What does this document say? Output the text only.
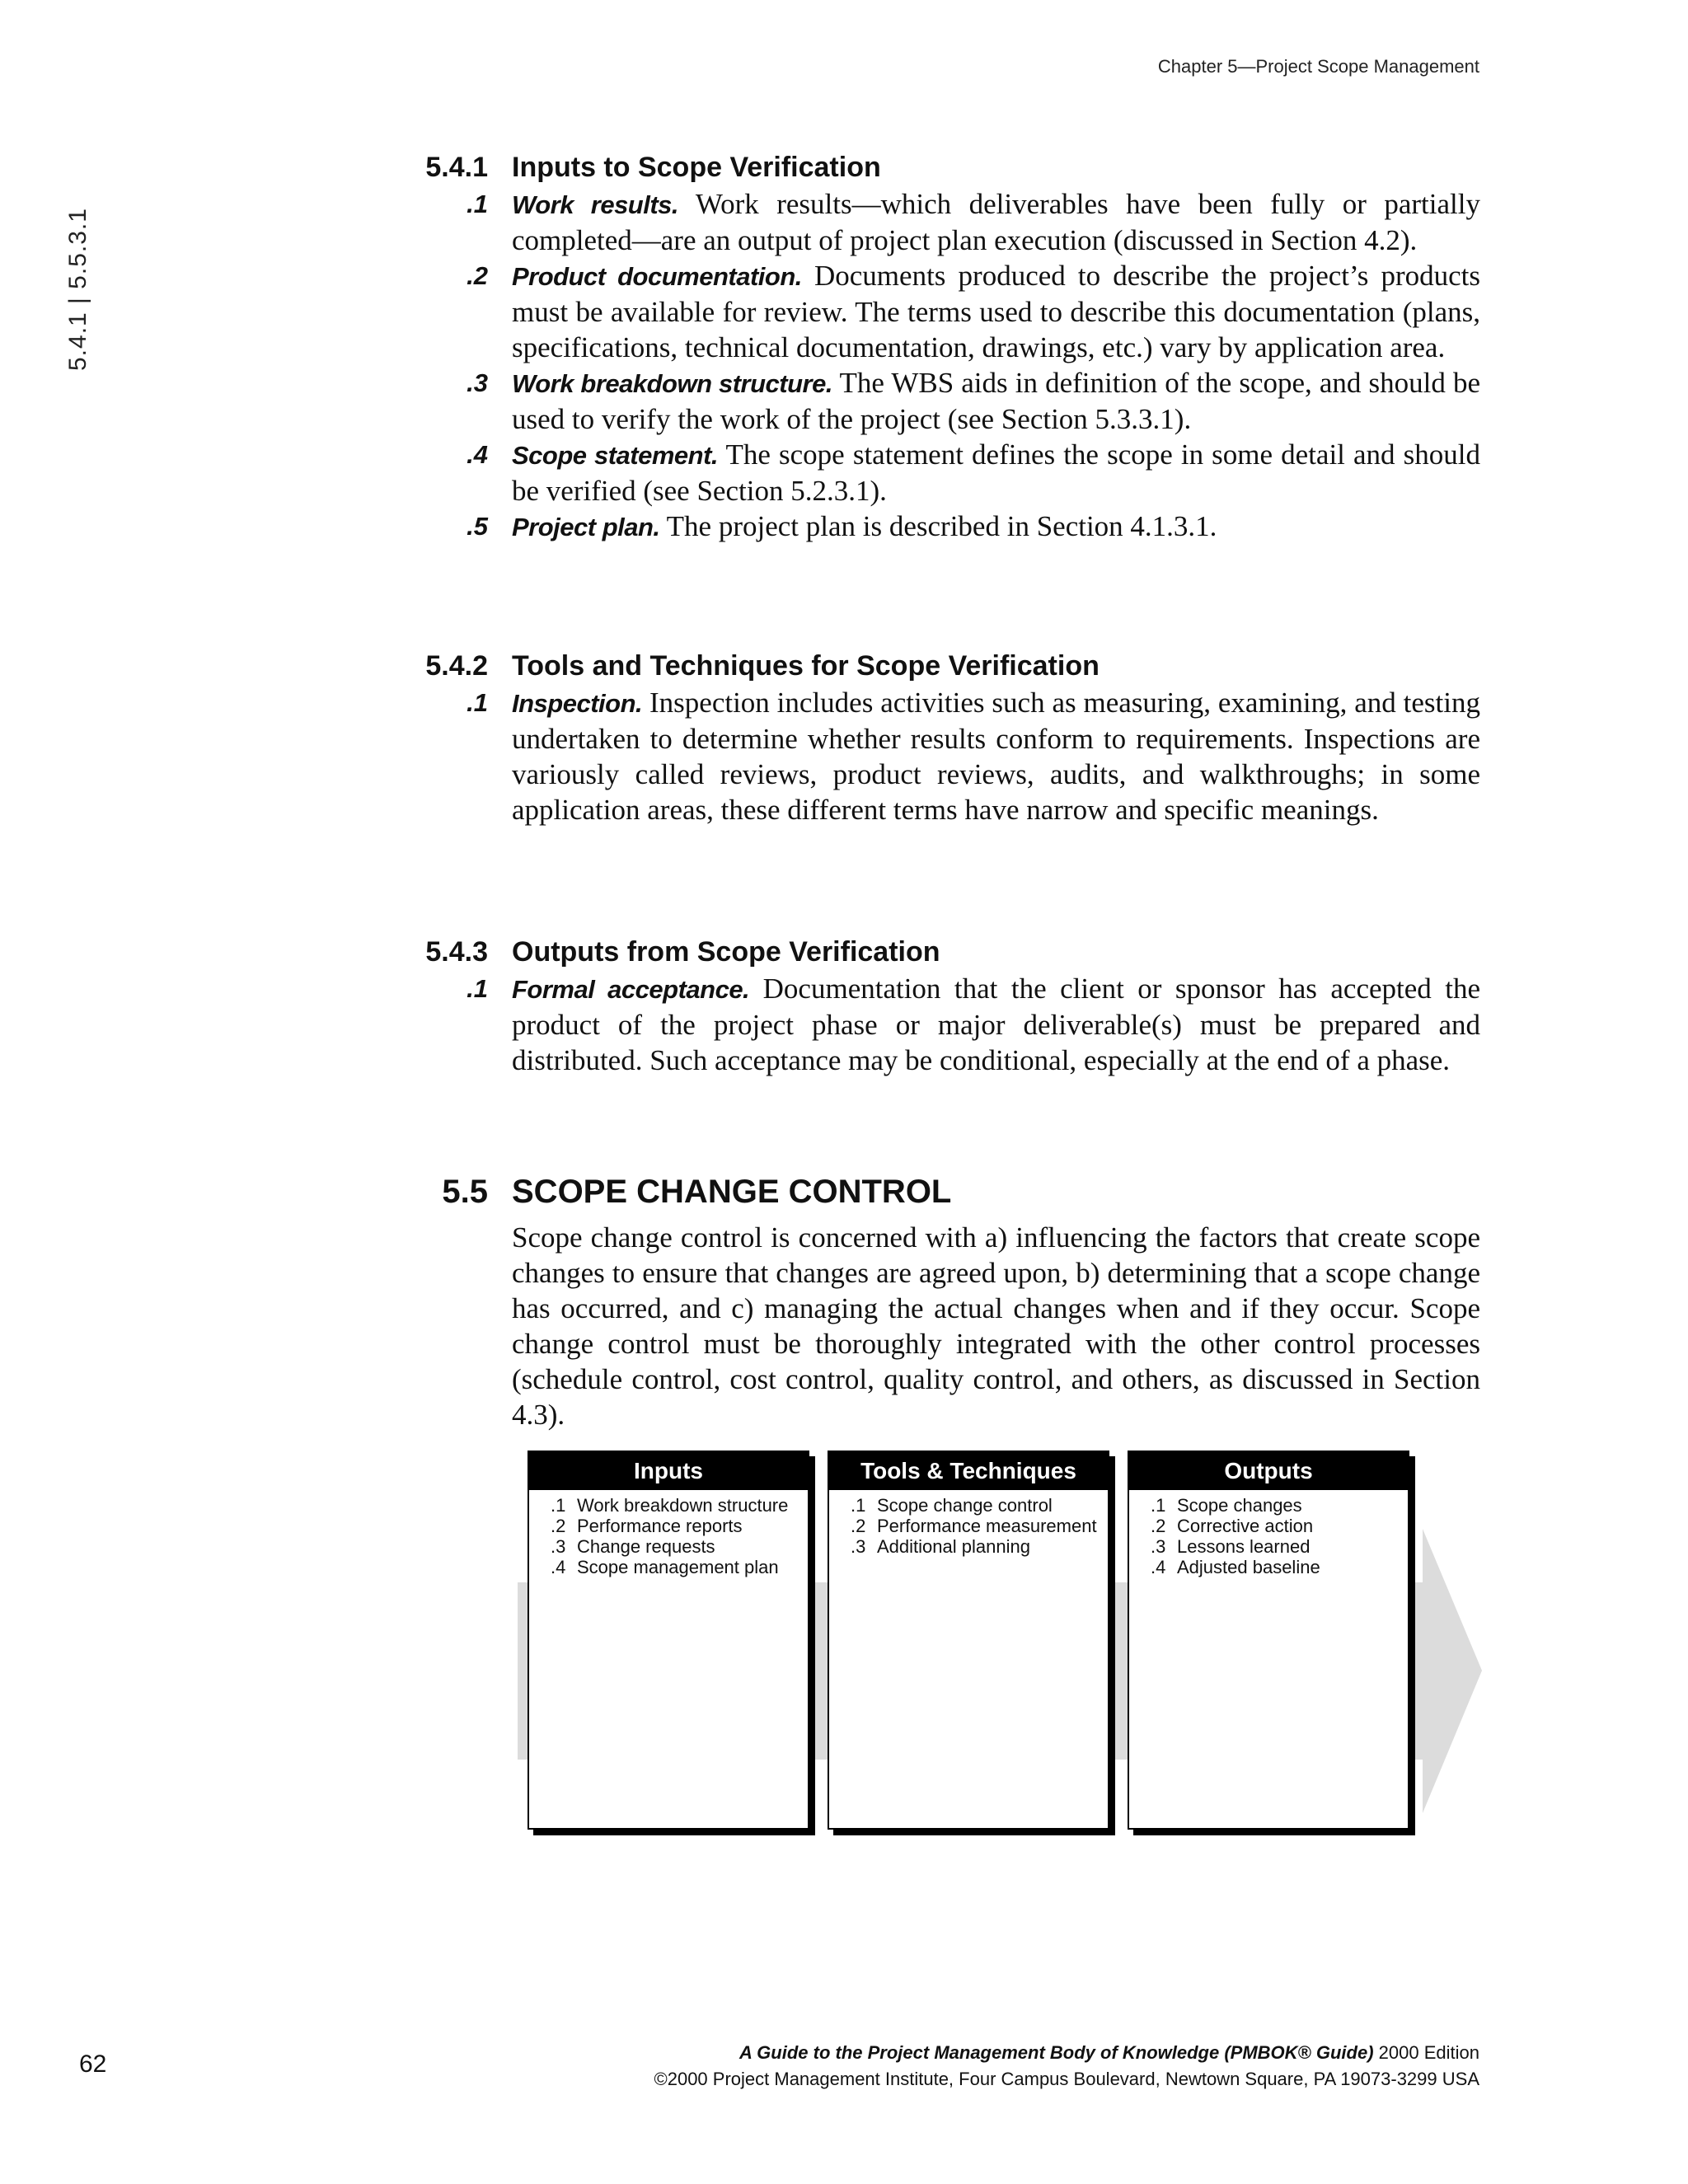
Chapter 5—Project Scope Management
5.4.1 | 5.5.3.1
5.4.1 Inputs to Scope Verification
.1 Work results. Work results—which deliverables have been fully or partially completed—are an output of project plan execution (discussed in Section 4.2).
.2 Product documentation. Documents produced to describe the project’s products must be available for review. The terms used to describe this documentation (plans, specifications, technical documentation, drawings, etc.) vary by application area.
.3 Work breakdown structure. The WBS aids in definition of the scope, and should be used to verify the work of the project (see Section 5.3.3.1).
.4 Scope statement. The scope statement defines the scope in some detail and should be verified (see Section 5.2.3.1).
.5 Project plan. The project plan is described in Section 4.1.3.1.
5.4.2 Tools and Techniques for Scope Verification
.1 Inspection. Inspection includes activities such as measuring, examining, and testing undertaken to determine whether results conform to requirements. Inspections are variously called reviews, product reviews, audits, and walkthroughs; in some application areas, these different terms have narrow and specific meanings.
5.4.3 Outputs from Scope Verification
.1 Formal acceptance. Documentation that the client or sponsor has accepted the product of the project phase or major deliverable(s) must be prepared and distributed. Such acceptance may be conditional, especially at the end of a phase.
5.5 SCOPE CHANGE CONTROL
Scope change control is concerned with a) influencing the factors that create scope changes to ensure that changes are agreed upon, b) determining that a scope change has occurred, and c) managing the actual changes when and if they occur. Scope change control must be thoroughly integrated with the other control processes (schedule control, cost control, quality control, and others, as discussed in Section 4.3).
Inputs
.1 Work breakdown structure
.2 Performance reports
.3 Change requests
.4 Scope management plan
Tools & Techniques
.1 Scope change control
.2 Performance measurement
.3 Additional planning
Outputs
.1 Scope changes
.2 Corrective action
.3 Lessons learned
.4 Adjusted baseline
A Guide to the Project Management Body of Knowledge (PMBOK® Guide) 2000 Edition
©2000 Project Management Institute, Four Campus Boulevard, Newtown Square, PA 19073-3299 USA
62
